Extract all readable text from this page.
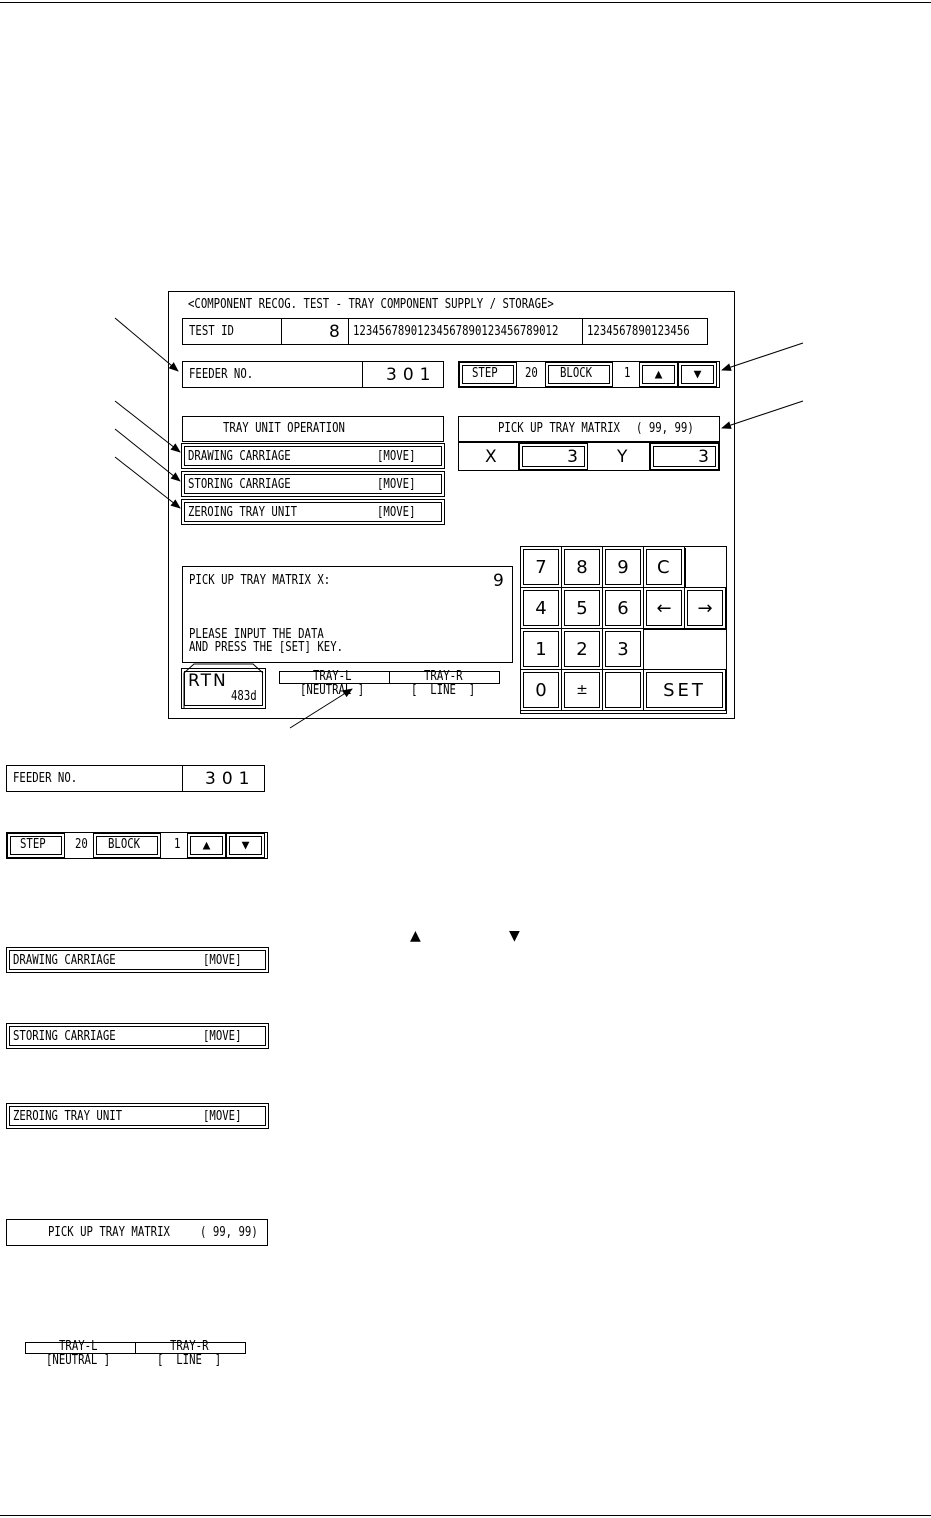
<COMPONENT RECOG. TEST - TRAY COMPONENT SUPPLY / STORAGE>
TEST ID	8 12345678901234567890123456789012 1234567890123456
FEEDER NO.	301	STEP 20 BLOCK 1 ▲ ▼
TRAY UNIT OPERATION
DRAWING CARRIAGE	[MOVE]
STORING CARRIAGE	[MOVE]
ZEROING TRAY UNIT	[MOVE]
PICK UP TRAY MATRIX ( 99, 99)
X	Y
3	3
PICK UP TRAY MATRIX X:	9
PLEASE INPUT THE DATA
AND PRESS THE [SET] KEY.
RTN
483d
TRAY-L	TRAY-R
[NEUTRAL ]	[  LINE  ]
7	8	9	C
4	5	6	←	→
1	2	3
0	±	SET
FEEDER NO.	301
STEP 20 BLOCK	1 ▲ ▼
▲	▼
DRAWING CARRIAGE	[MOVE]
STORING CARRIAGE	[MOVE]
ZEROING TRAY UNIT	[MOVE]
PICK UP TRAY MATRIX ( 99, 99)
TRAY-L	TRAY-R
[NEUTRAL ]	[  LINE  ]
